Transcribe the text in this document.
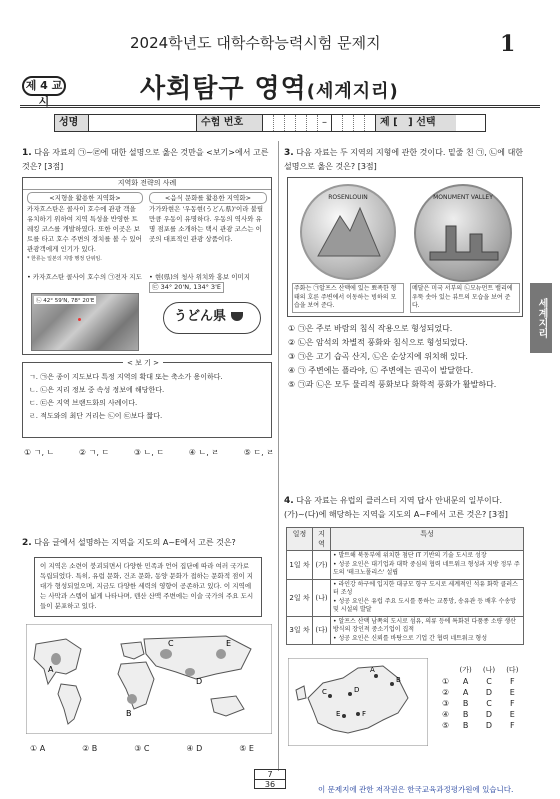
2024학년도 대학수학능력시험 문제지	1
제 4 교시	사회탐구 영역(세계지리)
성명	수험 번호	–	제 [ ] 선택
세계지리
1. 다음 자료의 ㉠~㉣에 대한 설명으로 옳은 것만을 <보기>에서 고른 것은? [3점]
지역화 전략의 사례
<지형을 활용한 지역화>
카자흐스탄은 콜사이 호수에 관광 객을 유치하기 위하여 지역 특성을 반영한 트레킹 코스를 개발하였다. 또한 이곳은 보트를 타고 호수 주변의 경치를 볼 수 있어 관광객에게 인기가 있다.
* 한류는 일본의 지방 행정 단위임.
<음식 문화를 활용한 지역화>
가가와현은 '우동현(うどん県)'이라 불릴 만큼 우동이 유명하다. 우동의 역사와 유명 점포를 소개하는 택시 관광 코스는 이곳의 대표적인 관광 상품이다.
• 카자흐스탄 콜사이 호수의 ㉠전자 지도
㉡ 42° 59'N, 78° 20'E
• 현(県)의 청사 위치와 홍보 이미지
㉢ 34° 20'N, 134° 3'E
うどん県
< 보 기 >
ㄱ. ㉠은 종이 지도보다 특정 지역의 확대 또는 축소가 용이하다.
ㄴ. ㉡은 지리 정보 중 속성 정보에 해당한다.
ㄷ. ㉢은 지역 브랜드화의 사례이다.
ㄹ. 적도와의 최단 거리는 ㉡이 ㉢보다 짧다.
① ㄱ, ㄴ	② ㄱ, ㄷ	③ ㄴ, ㄷ	④ ㄴ, ㄹ	⑤ ㄷ, ㄹ
2. 다음 글에서 설명하는 지역을 지도의 A~E에서 고른 것은?
이 지역은 소련이 붕괴되면서 다양한 민족과 언어 집단에 따라 여러 국가로 독립되었다. 특히, 유럽 문화, 건조 문화, 동양 문화가 접하는 문화적 점이 지대가 형성되었으며, 지금도 다양한 세력의 영향이 공존하고 있다. 이 지역에는 사막과 스텝이 넓게 나타나며, 텐산 산맥 주변에는 이슬 국가의 주요 도시들이 분포하고 있다.
A
B
C
D
E
① A	② B	③ C	④ D	⑤ E
3. 다음 자료는 두 지역의 지형에 관한 것이다. 밑줄 친 ㉠, ㉡에 대한 설명으로 옳은 것은? [3점]
ROSENLOUIN	MONUMENT VALLEY
주화는 ㉠알프스 산맥에 있는 뾰족한 형태의 호른 주변에서 이동하는 빙하의 모습을 보여 준다.
메달은 미국 서부의 ㉡모뉴먼트 밸리에 우뚝 솟아 있는 뷰트의 모습을 보여 준다.
① ㉠은 주로 바람의 침식 작용으로 형성되었다.
② ㉡은 암석의 차별적 풍화와 침식으로 형성되었다.
③ ㉠은 고기 습곡 산지, ㉡은 순상지에 위치해 있다.
④ ㉠ 주변에는 플라야, ㉡ 주변에는 권곡이 발달한다.
⑤ ㉠과 ㉡은 모두 물리적 풍화보다 화학적 풍화가 활발하다.
4. 다음 자료는 유럽의 클러스터 지역 답사 안내문의 일부이다. (가)~(다)에 해당하는 지역을 지도의 A~F에서 고른 것은? [3점]
일정	지역	특성
1일 차	(가)	• 발트해 북동부에 위치한 첨단 IT 기반의 기술 도시로 성장
• 성공 요인은 대기업과 대학 중심의 협력 네트워크 형성과 지방 정부 주도의 '테크노폴리스' 설립
2일 차	(나)	• 라인강 하구에 입지한 대규모 항구 도시로 세계적인 석유 화학 클러스터 조성
• 성공 요인은 유럽 주요 도시를 통하는 교통망, 송유관 등 배후 수송망 및 시설의 발달
3일 차	(다)	• 알프스 산맥 남쪽의 도시로 섬유, 의류 등에 특화된 다품종 소량 생산 방식의 장인적 중소기업이 집적
• 성공 요인은 신뢰를 바탕으로 기업 간 협력 네트워크 형성
A
B
C	D
E	F
	(가)	(나)	(다)
①	A	C	F
②	A	D	E
③	B	C	F
④	B	D	E
⑤	B	D	F
7
36
이 문제지에 관한 저작권은 한국교육과정평가원에 있습니다.
